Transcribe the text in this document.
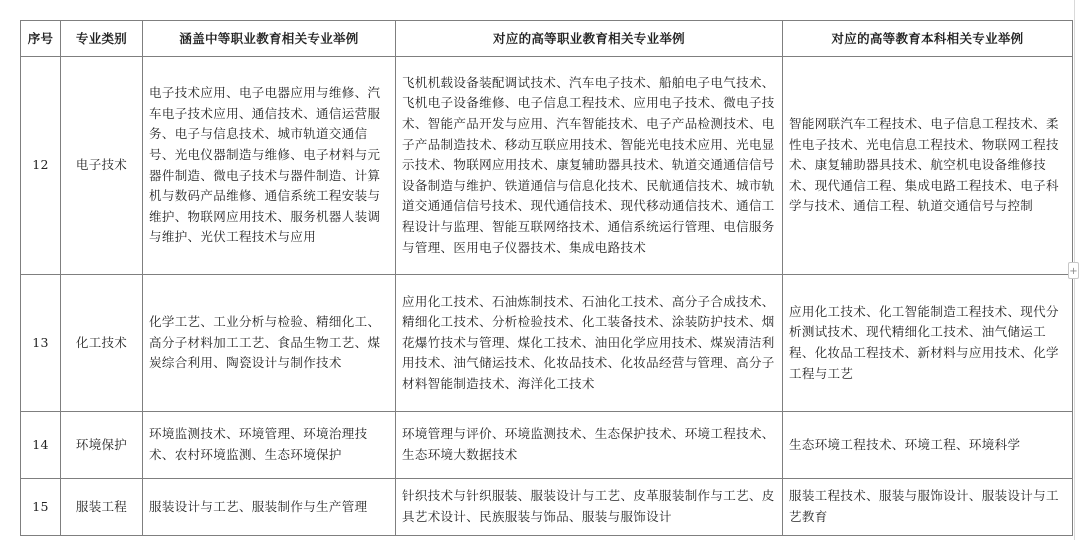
序号	专业类别	涵盖中等职业教育相关专业举例	对应的高等职业教育相关专业举例	对应的高等教育本科相关专业举例
12	电子技术	电子技术应用、电子电器应用与维修、汽车电子技术应用、通信技术、通信运营服务、电子与信息技术、城市轨道交通信号、光电仪器制造与维修、电子材料与元器件制造、微电子技术与器件制造、计算机与数码产品维修、通信系统工程安装与维护、物联网应用技术、服务机器人装调与维护、光伏工程技术与应用	飞机机载设备装配调试技术、汽车电子技术、船舶电子电气技术、飞机电子设备维修、电子信息工程技术、应用电子技术、微电子技术、智能产品开发与应用、汽车智能技术、电子产品检测技术、电子产品制造技术、移动互联应用技术、智能光电技术应用、光电显示技术、物联网应用技术、康复辅助器具技术、轨道交通通信信号设备制造与维护、铁道通信与信息化技术、民航通信技术、城市轨道交通通信信号技术、现代通信技术、现代移动通信技术、通信工程设计与监理、智能互联网络技术、通信系统运行管理、电信服务与管理、医用电子仪器技术、集成电路技术	智能网联汽车工程技术、电子信息工程技术、柔性电子技术、光电信息工程技术、物联网工程技术、康复辅助器具技术、航空机电设备维修技术、现代通信工程、集成电路工程技术、电子科学与技术、通信工程、轨道交通信号与控制
13	化工技术	化学工艺、工业分析与检验、精细化工、高分子材料加工工艺、食品生物工艺、煤炭综合利用、陶瓷设计与制作技术	应用化工技术、石油炼制技术、石油化工技术、高分子合成技术、精细化工技术、分析检验技术、化工装备技术、涂装防护技术、烟花爆竹技术与管理、煤化工技术、油田化学应用技术、煤炭清洁利用技术、油气储运技术、化妆品技术、化妆品经营与管理、高分子材料智能制造技术、海洋化工技术	应用化工技术、化工智能制造工程技术、现代分析测试技术、现代精细化工技术、油气储运工程、化妆品工程技术、新材料与应用技术、化学工程与工艺
14	环境保护	环境监测技术、环境管理、环境治理技术、农村环境监测、生态环境保护	环境管理与评价、环境监测技术、生态保护技术、环境工程技术、生态环境大数据技术	生态环境工程技术、环境工程、环境科学
15	服装工程	服装设计与工艺、服装制作与生产管理	针织技术与针织服装、服装设计与工艺、皮革服装制作与工艺、皮具艺术设计、民族服装与饰品、服装与服饰设计	服装工程技术、服装与服饰设计、服装设计与工艺教育
+
